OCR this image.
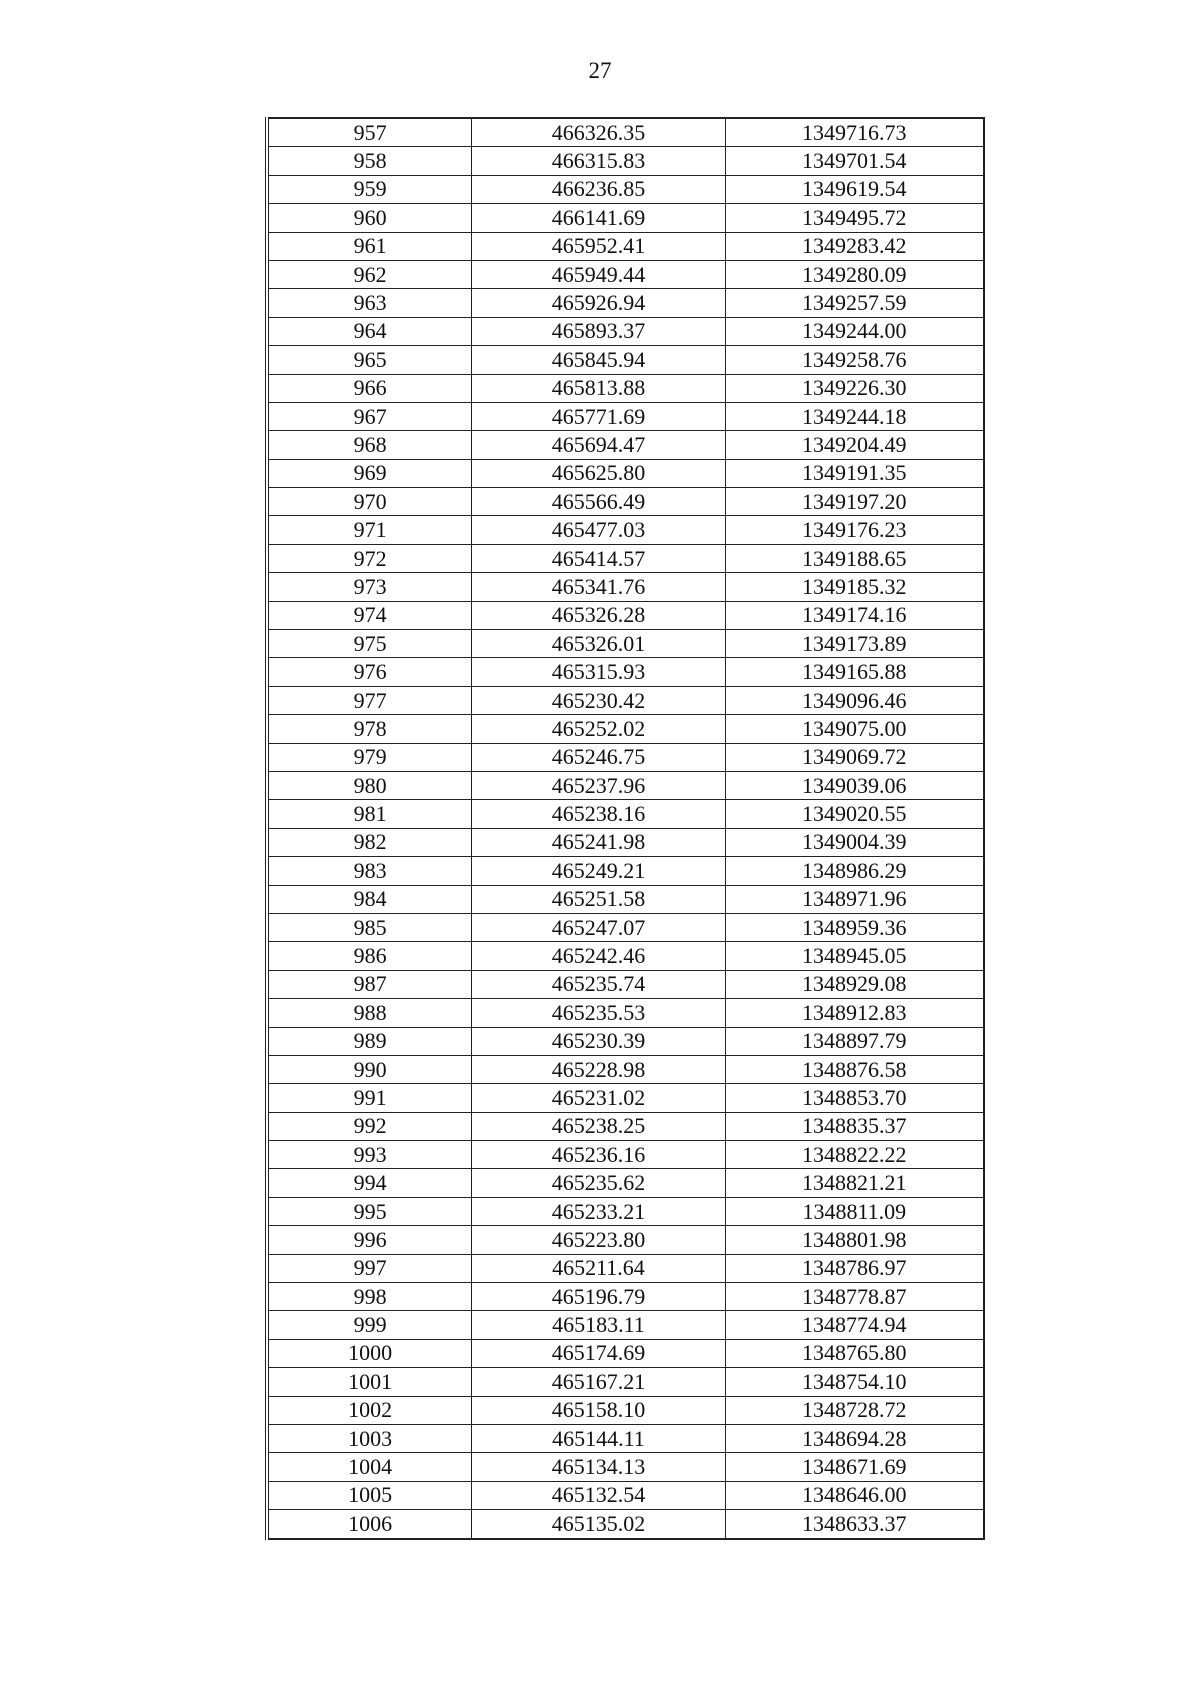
27
957	466326.35	1349716.73
958	466315.83	1349701.54
959	466236.85	1349619.54
960	466141.69	1349495.72
961	465952.41	1349283.42
962	465949.44	1349280.09
963	465926.94	1349257.59
964	465893.37	1349244.00
965	465845.94	1349258.76
966	465813.88	1349226.30
967	465771.69	1349244.18
968	465694.47	1349204.49
969	465625.80	1349191.35
970	465566.49	1349197.20
971	465477.03	1349176.23
972	465414.57	1349188.65
973	465341.76	1349185.32
974	465326.28	1349174.16
975	465326.01	1349173.89
976	465315.93	1349165.88
977	465230.42	1349096.46
978	465252.02	1349075.00
979	465246.75	1349069.72
980	465237.96	1349039.06
981	465238.16	1349020.55
982	465241.98	1349004.39
983	465249.21	1348986.29
984	465251.58	1348971.96
985	465247.07	1348959.36
986	465242.46	1348945.05
987	465235.74	1348929.08
988	465235.53	1348912.83
989	465230.39	1348897.79
990	465228.98	1348876.58
991	465231.02	1348853.70
992	465238.25	1348835.37
993	465236.16	1348822.22
994	465235.62	1348821.21
995	465233.21	1348811.09
996	465223.80	1348801.98
997	465211.64	1348786.97
998	465196.79	1348778.87
999	465183.11	1348774.94
1000	465174.69	1348765.80
1001	465167.21	1348754.10
1002	465158.10	1348728.72
1003	465144.11	1348694.28
1004	465134.13	1348671.69
1005	465132.54	1348646.00
1006	465135.02	1348633.37
